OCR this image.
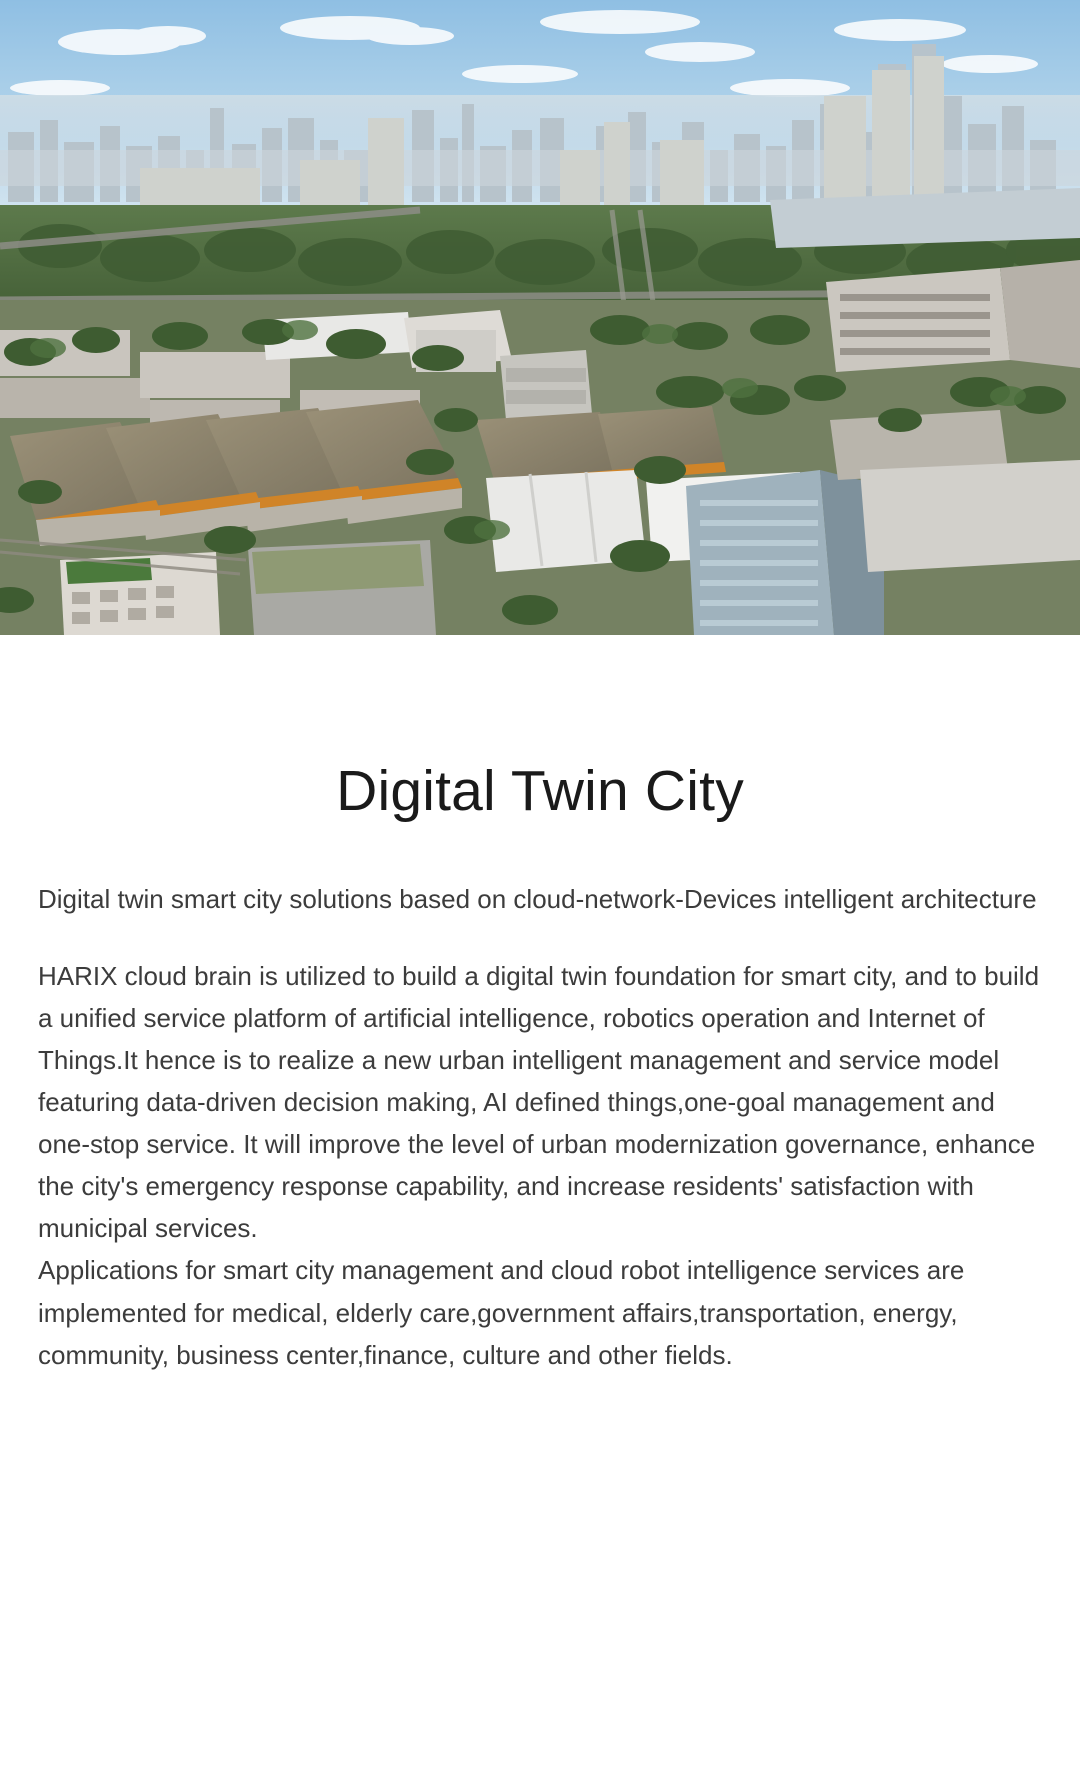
Digital Twin City

Digital twin smart city solutions based on cloud-network-Devices intelligent architecture

HARIX cloud brain is utilized to build a digital twin foundation for smart city, and to build a unified service platform of artificial intelligence, robotics operation and Internet of Things.It hence is to realize a new urban intelligent management and service model featuring data-driven decision making, AI defined things,one-goal management and one-stop service. It will improve the level of urban modernization governance, enhance the city's emergency response capability, and increase residents' satisfaction with municipal services.

Applications for smart city management and cloud robot intelligence services are implemented for medical, elderly care,government affairs,transportation, energy, community, business center,finance, culture and other fields.
